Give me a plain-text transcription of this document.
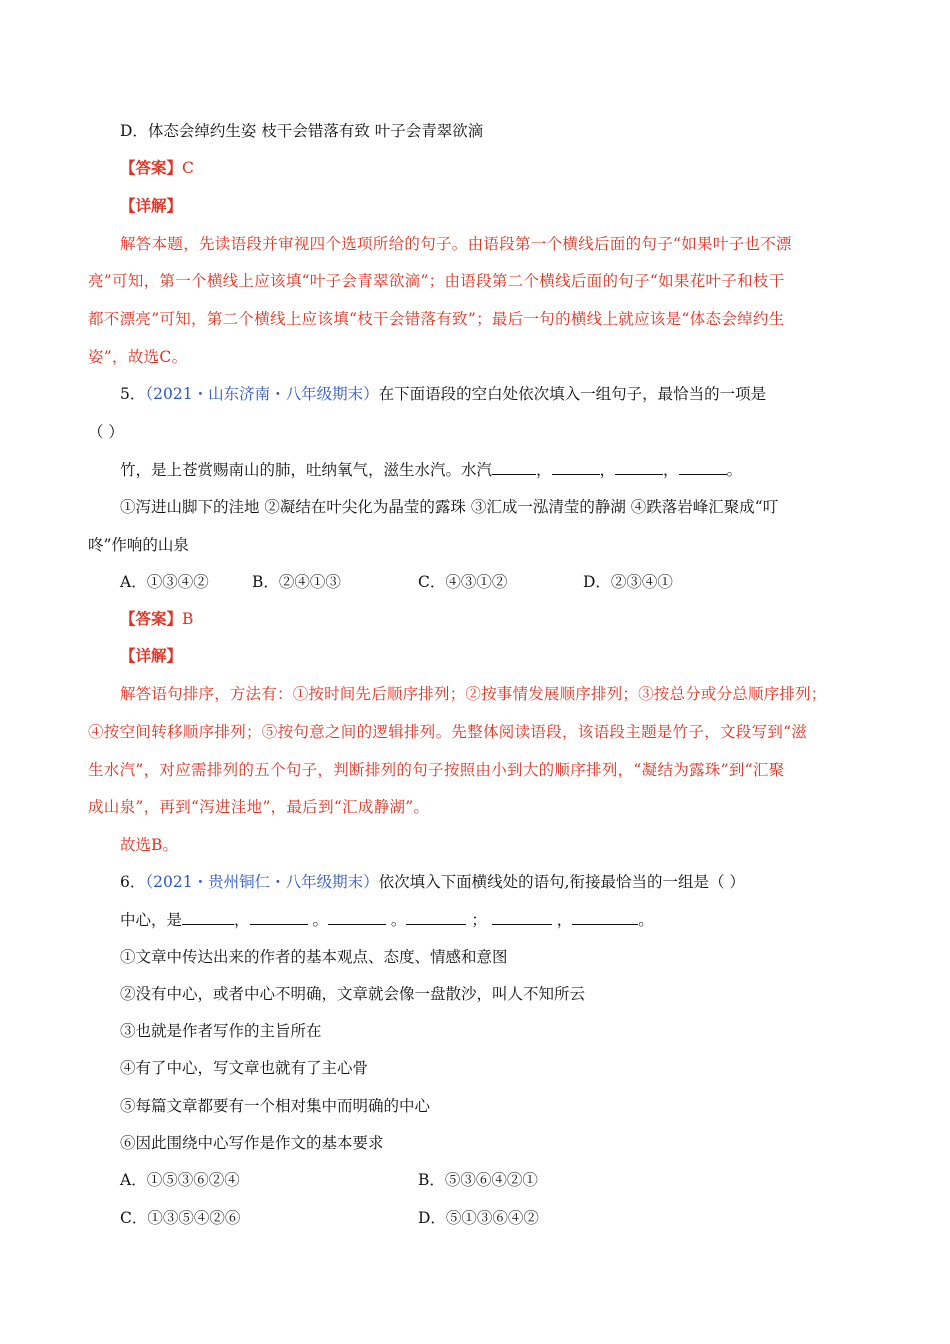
D．体态会绰约生姿 枝干会错落有致 叶子会青翠欲滴
【答案】C
【详解】
解答本题，先读语段并审视四个选项所给的句子。由语段第一个横线后面的句子“如果叶子也不漂
亮”可知，第一个横线上应该填“叶子会青翠欲滴”；由语段第二个横线后面的句子“如果花叶子和枝干
都不漂亮”可知，第二个横线上应该填“枝干会错落有致”；最后一句的横线上就应该是“体态会绰约生
姿”，故选C。
5．（2021・山东济南・八年级期末）在下面语段的空白处依次填入一组句子，最恰当的一项是
（ ）
竹，是上苍赏赐南山的肺，吐纳氧气，滋生水汽。水汽	，	，	，	。
①泻进山脚下的洼地 ②凝结在叶尖化为晶莹的露珠 ③汇成一泓清莹的静湖 ④跌落岩峰汇聚成“叮
咚”作响的山泉
A．①③④②	B．②④①③	C．④③①②	D．②③④①
【答案】B
【详解】
解答语句排序，方法有：①按时间先后顺序排列；②按事情发展顺序排列；③按总分或分总顺序排列；
④按空间转移顺序排列；⑤按句意之间的逻辑排列。先整体阅读语段，该语段主题是竹子，文段写到“滋
生水汽”，对应需排列的五个句子，判断排列的句子按照由小到大的顺序排列，“凝结为露珠”到“汇聚
成山泉”，再到“泻进洼地”，最后到“汇成静湖”。
故选B。
6．（2021・贵州铜仁・八年级期末）依次填入下面横线处的语句,衔接最恰当的一组是（ ）
中心，是	，	。	。	；	，	。
①文章中传达出来的作者的基本观点、态度、情感和意图
②没有中心，或者中心不明确，文章就会像一盘散沙，叫人不知所云
③也就是作者写作的主旨所在
④有了中心，写文章也就有了主心骨
⑤每篇文章都要有一个相对集中而明确的中心
⑥因此围绕中心写作是作文的基本要求
A．①⑤③⑥②④	B．⑤③⑥④②①
C．①③⑤④②⑥	D．⑤①③⑥④②
